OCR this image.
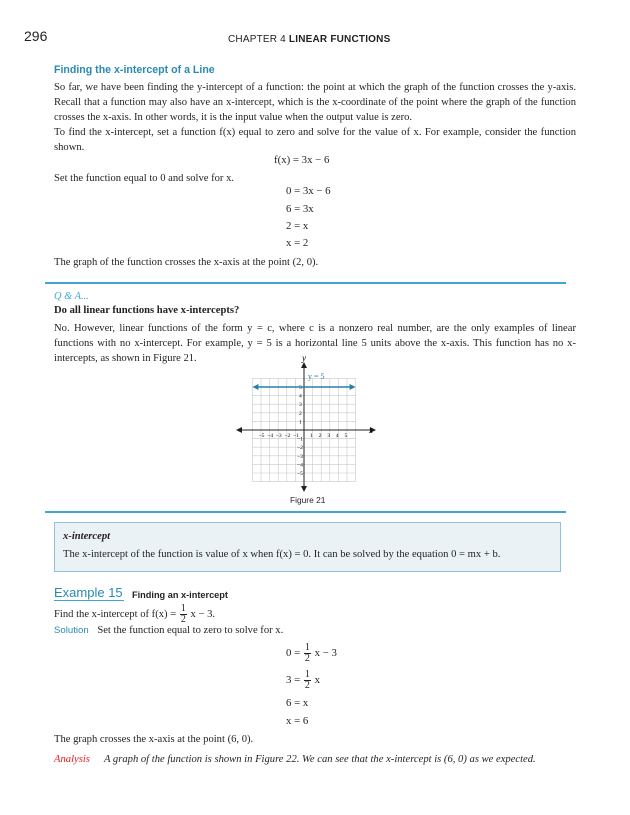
296	CHAPTER 4 LINEAR FUNCTIONS
Finding the x-intercept of a Line

So far, we have been finding the y-intercept of a function: the point at which the graph of the function crosses the y-axis. Recall that a function may also have an x-intercept, which is the x-coordinate of the point where the graph of the function crosses the x-axis. In other words, it is the input value when the output value is zero.

To find the x-intercept, set a function f(x) equal to zero and solve for the value of x. For example, consider the function shown.

f(x) = 3x − 6
Set the function equal to 0 and solve for x.
0 = 3x − 6
6 = 3x
2 = x
x = 2
The graph of the function crosses the x-axis at the point (2, 0).
Q & A...
Do all linear functions have x-intercepts?

No. However, linear functions of the form y = c, where c is a nonzero real number, are the only examples of linear functions with no x-intercept. For example, y = 5 is a horizontal line 5 units above the x-axis. This function has no x-intercepts, as shown in Figure 21.

−5 −4 −3 −2 −1 1 2 3 4 5
5
4
3
2
1
−1
−2
−3
−4
−5
x
y
y = 5
Figure 21
x-intercept
The x-intercept of the function is value of x when f(x) = 0. It can be solved by the equation 0 = mx + b.
Example 15 Finding an x-intercept
Find the x-intercept of $f(x) = \frac{1}{2}$ x − 3.
Solution Set the function equal to zero to solve for x.
$0 = \frac{1}{2}$ x − 3
$3 = \frac{1}{2}$ x
6 = x
x = 6
The graph crosses the x-axis at the point (6, 0).
Analysis A graph of the function is shown in Figure 22. We can see that the x-intercept is (6, 0) as we expected.
